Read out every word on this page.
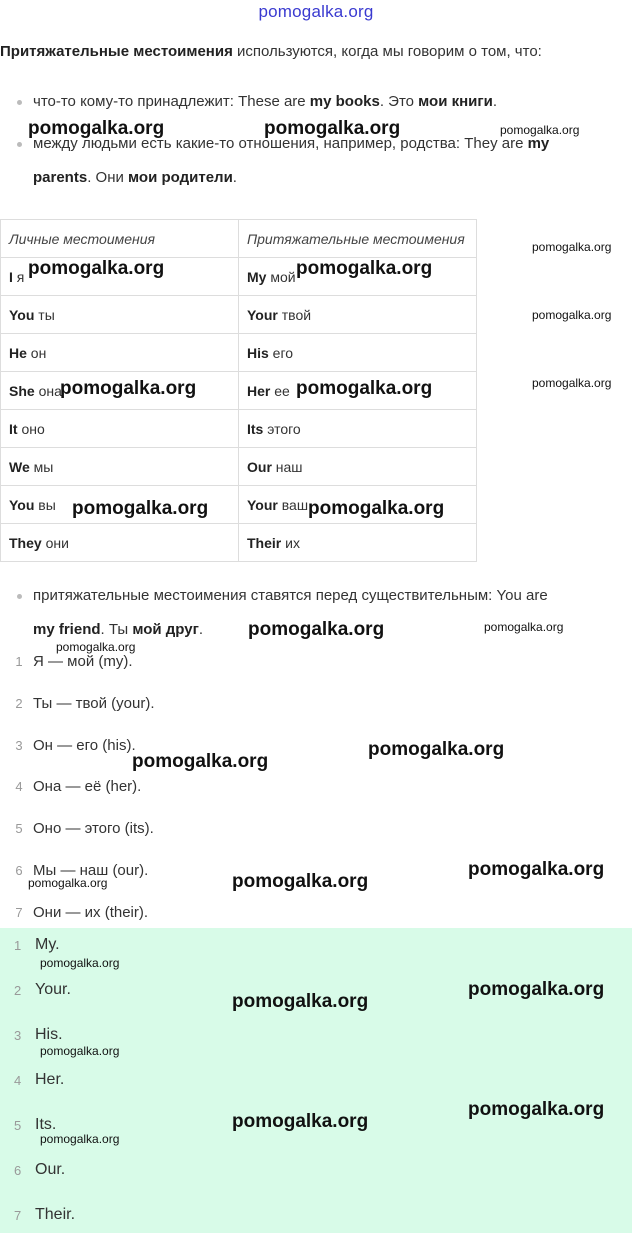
pomogalka.org
Притяжательные местоимения используются, когда мы говорим о том, что:
что-то кому-то принадлежит: These are my books. Это мои книги.
между людьми есть какие-то отношения, например, родства: They are my
parents. Они мои родители.
Личные местоимения	Притяжательные местоимения
I я	My мой
You ты	Your твой
He он	His его
She она	Her ее
It оно	Its этого
We мы	Our наш
You вы	Your ваш
They они	Their их
притяжательные местоимения ставятся перед существительным: You are
my friend. Ты мой друг.
1 Я — мой (my).
2 Ты — твой (your).
3 Он — его (his).
4 Она — её (her).
5 Оно — этого (its).
6 Мы — наш (our).
7 Они — их (their).
1 My.
2 Your.
3 His.
4 Her.
5 Its.
6 Our.
7 Their.
pomogalka.org	pomogalka.org	pomogalka.org
pomogalka.org
pomogalka.org	pomogalka.org
pomogalka.org
pomogalka.org	pomogalka.org	pomogalka.org
pomogalka.org	pomogalka.org
pomogalka.org	pomogalka.org
pomogalka.org
pomogalka.org
pomogalka.org
pomogalka.org
pomogalka.org
pomogalka.org
pomogalka.org
pomogalka.org
pomogalka.org
pomogalka.org
pomogalka.org
pomogalka.org
pomogalka.org
